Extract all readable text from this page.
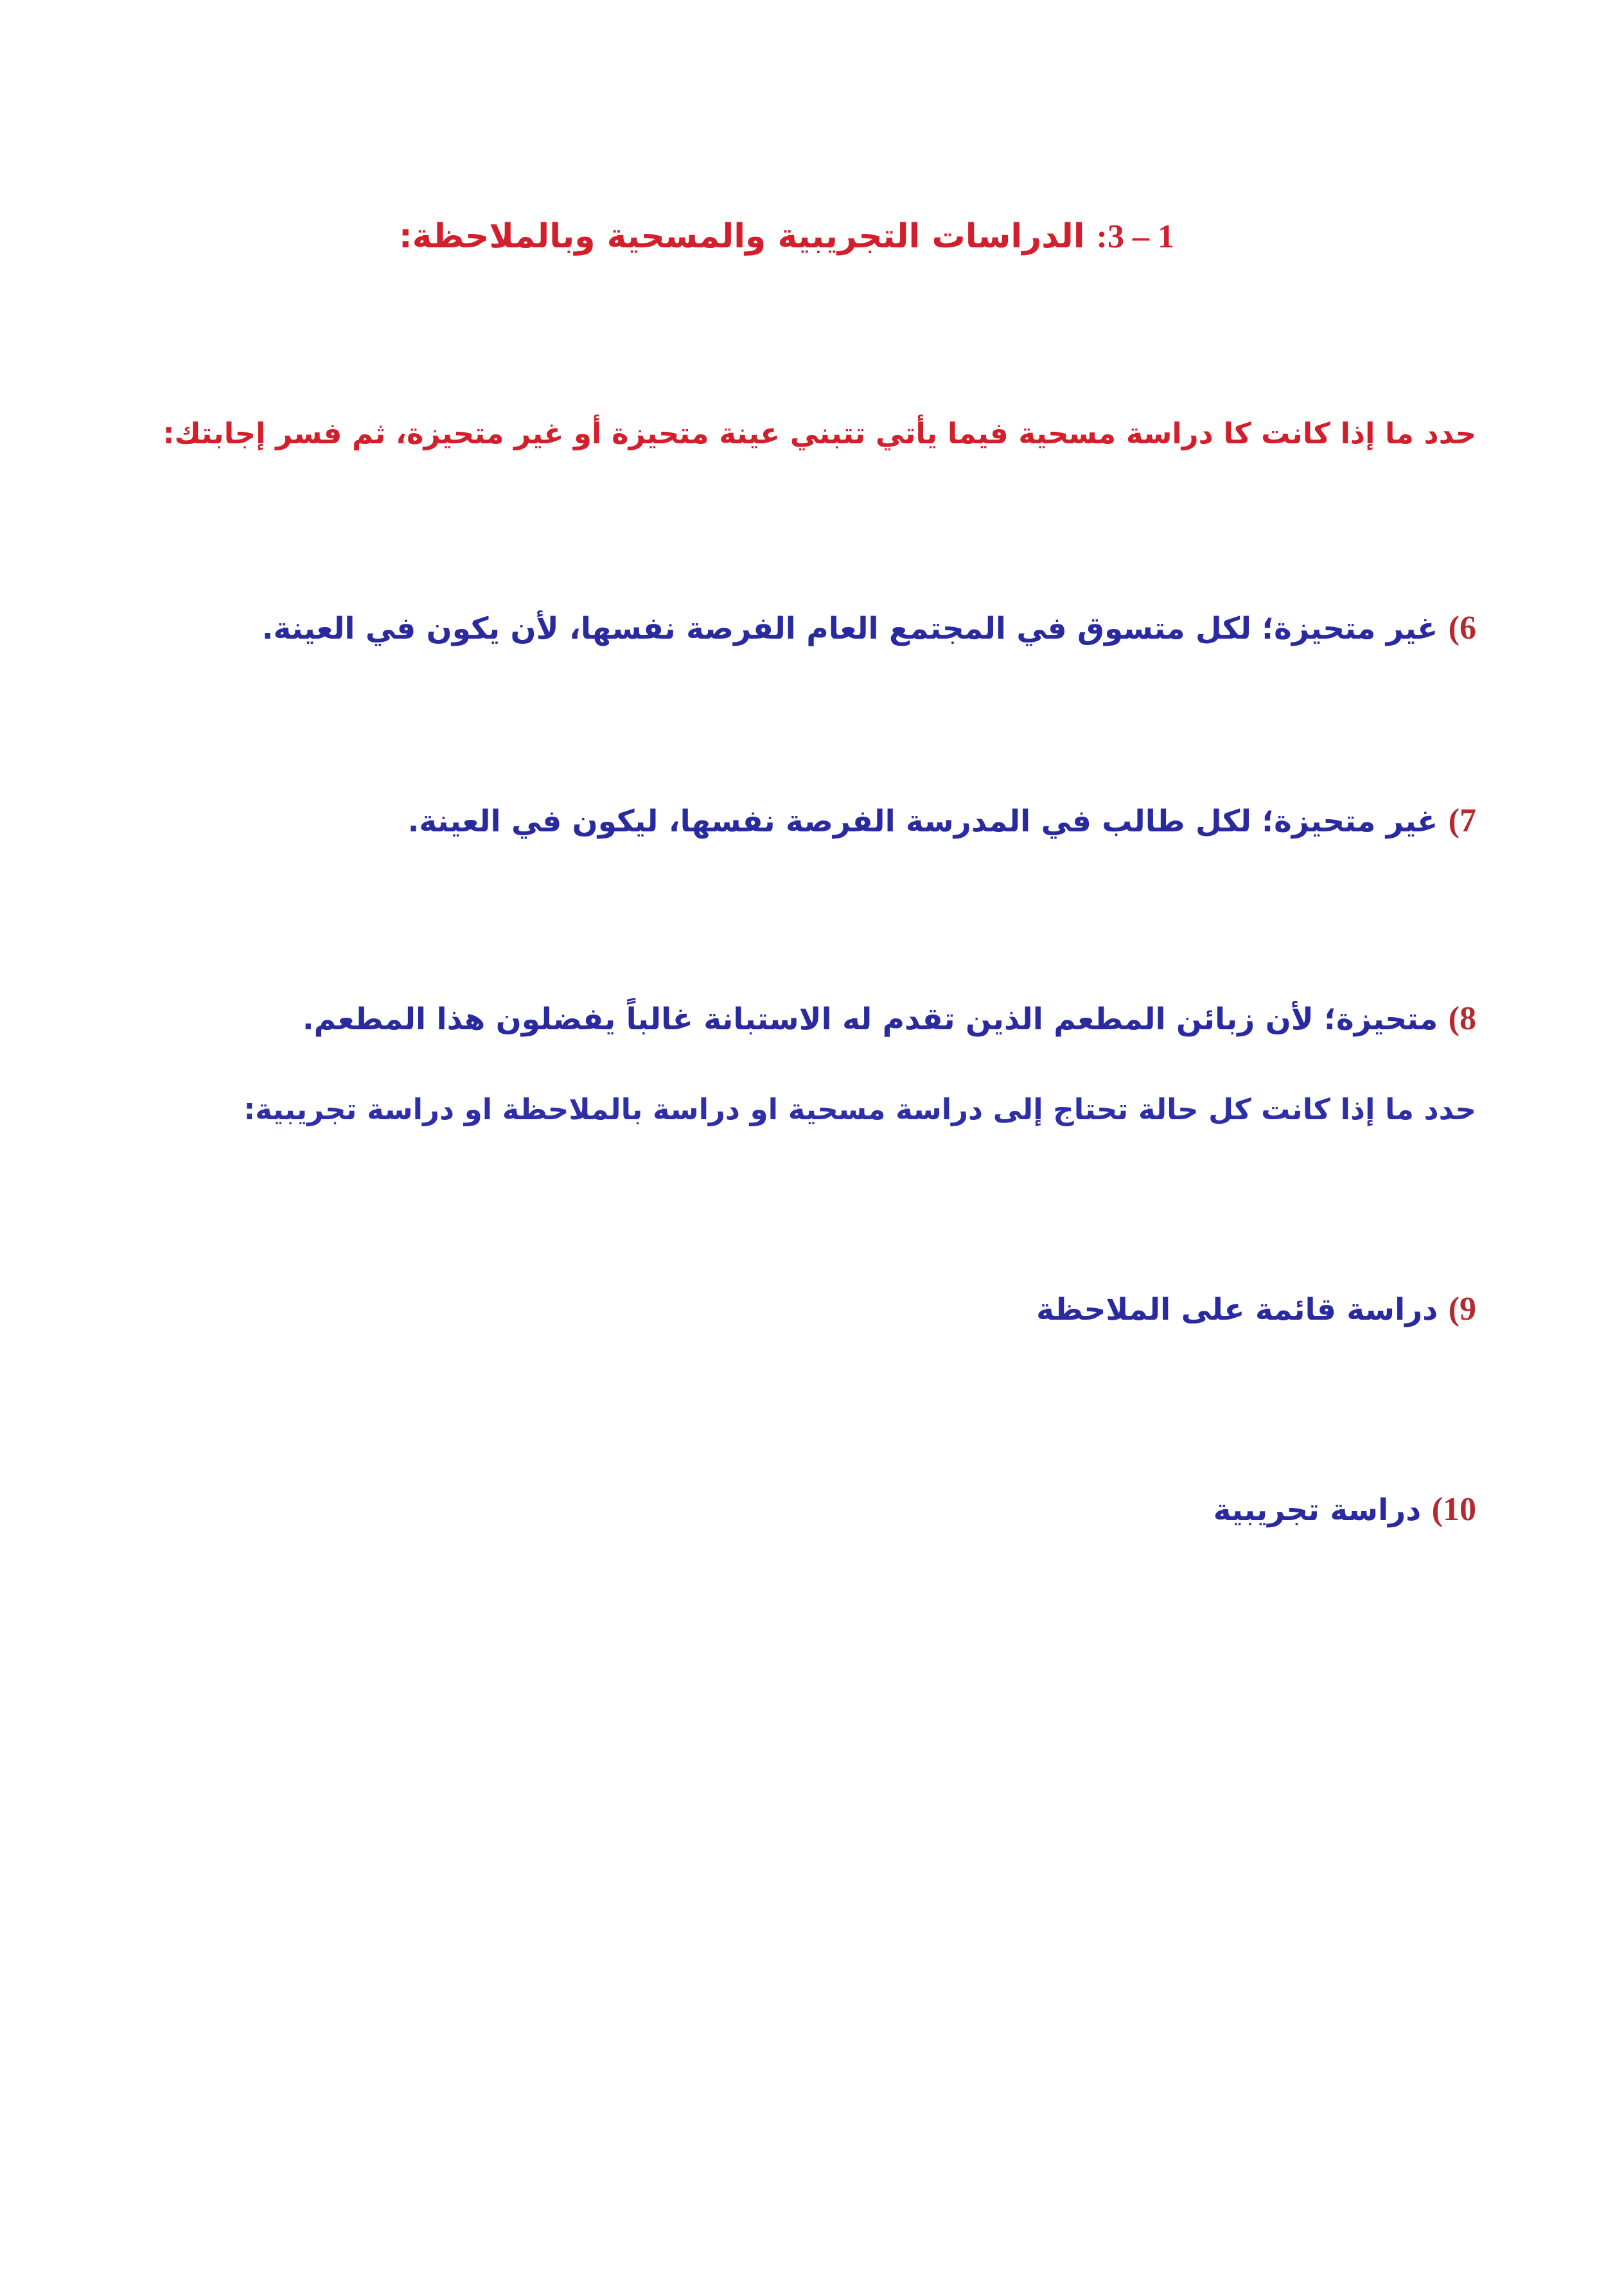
1 – 3: الدراسات التجريبية والمسحية وبالملاحظة:
حدد ما إذا كانت كا دراسة مسحية فيما يأتي تتبني عينة متحيزة أو غير متحيزة، ثم فسر إجابتك:
6) غير متحيزة؛ لكل متسوق في المجتمع العام الفرصة نفسها، لأن يكون في العينة.
7) غير متحيزة؛ لكل طالب في المدرسة الفرصة نفسها، ليكون في العينة.
8) متحيزة؛ لأن زبائن المطعم الذين تقدم له الاستبانة غالباً يفضلون هذا المطعم.
حدد ما إذا كانت كل حالة تحتاج إلى دراسة مسحية او دراسة بالملاحظة او دراسة تجريبية:
9) دراسة قائمة على الملاحظة
10) دراسة تجريبية
